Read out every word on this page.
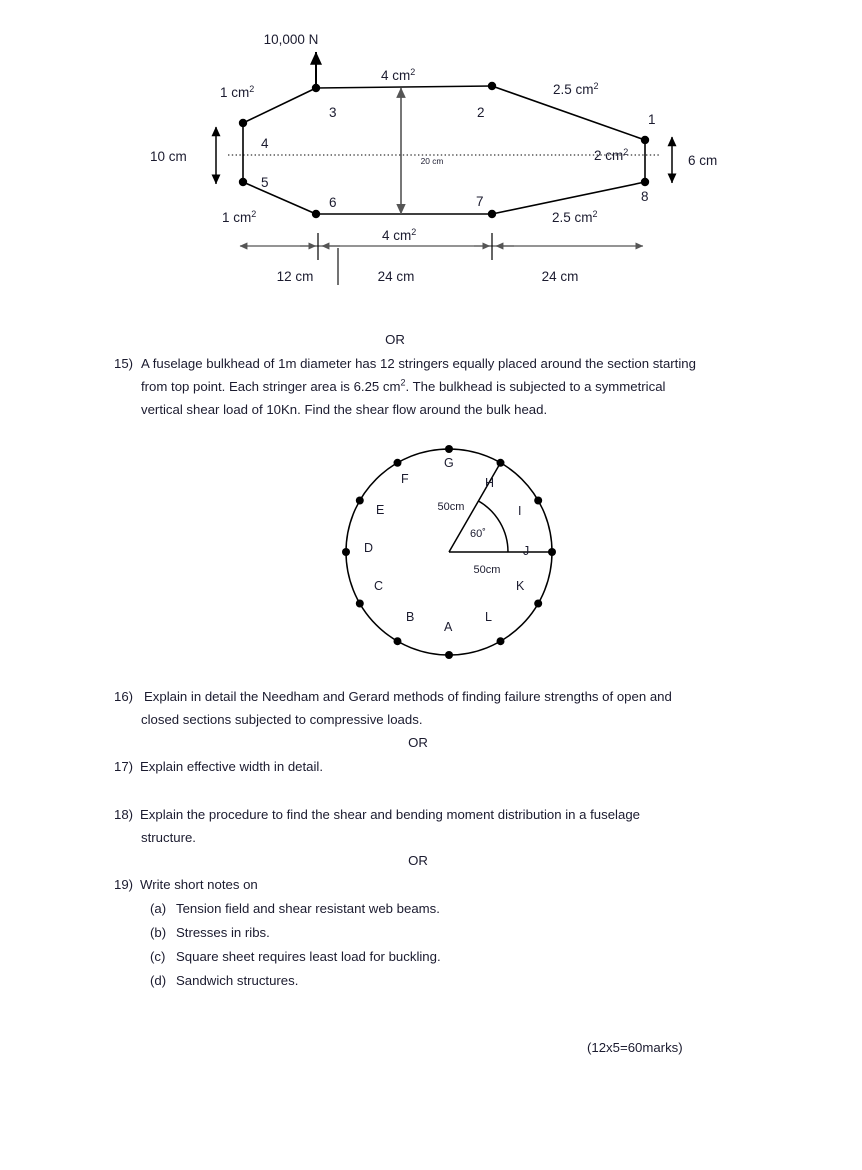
10,000 N
1 $cm^2$
4 $cm^2$
2.5 $cm^2$
1 $cm^2$
4 $cm^2$
2.5 $cm^2$
2 $cm^2$
1
2
3
4
5
6	7	8
10 cm	6 cm
20 cm
12 cm	24 cm	24 cm
OR
15) A fuselage bulkhead of 1m diameter has 12 stringers equally placed around the section starting
from top point. Each stringer area is 6.25 $cm^2$. The bulkhead is subjected to a symmetrical
vertical shear load of 10Kn. Find the shear flow around the bulk head.
A
B
C
D
E
F
G
H
I
J
K
L
50cm
50cm
60˚
16) Explain in detail the Needham and Gerard methods of finding failure strengths of open and
closed sections subjected to compressive loads.
OR
17) Explain effective width in detail.
18) Explain the procedure to find the shear and bending moment distribution in a fuselage
structure.
OR
19) Write short notes on
(a) Tension field and shear resistant web beams.
(b) Stresses in ribs.
(c) Square sheet requires least load for buckling.
(d) Sandwich structures.
(12x5=60marks)
